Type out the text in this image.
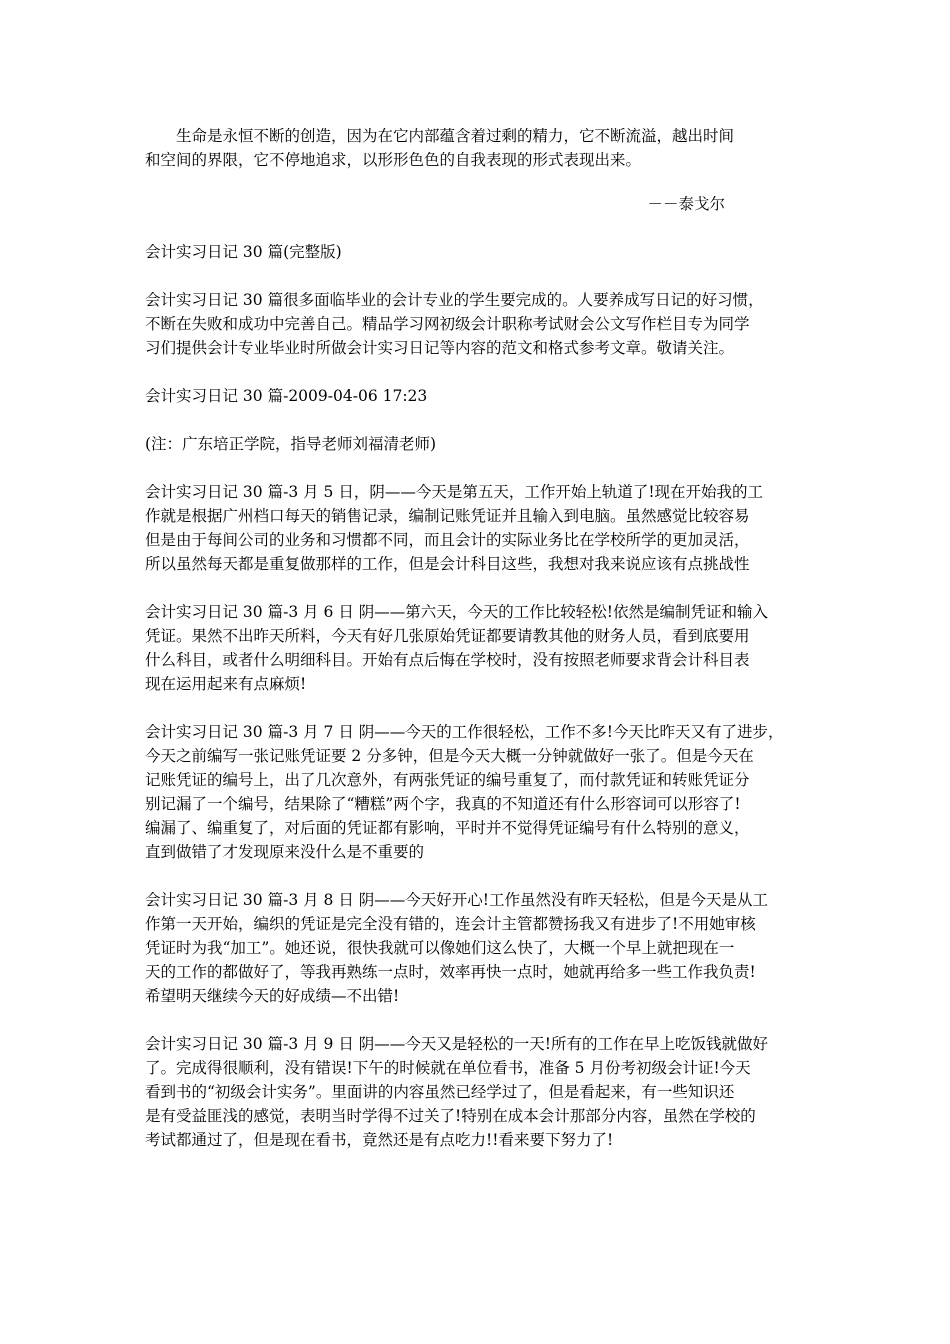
生命是永恒不断的创造，因为在它内部蕴含着过剩的精力，它不断流溢，越出时间
和空间的界限，它不停地追求，以形形色色的自我表现的形式表现出来。

－－泰戈尔

会计实习日记 30 篇(完整版)

会计实习日记 30 篇很多面临毕业的会计专业的学生要完成的。人要养成写日记的好习惯，
不断在失败和成功中完善自己。精品学习网初级会计职称考试财会公文写作栏目专为同学
习们提供会计专业毕业时所做会计实习日记等内容的范文和格式参考文章。敬请关注。

会计实习日记 30 篇-2009-04-06 17:23

(注：广东培正学院，指导老师刘福清老师)

会计实习日记 30 篇-3 月 5 日，阴——今天是第五天，工作开始上轨道了!现在开始我的工
作就是根据广州档口每天的销售记录，编制记账凭证并且输入到电脑。虽然感觉比较容易
但是由于每间公司的业务和习惯都不同，而且会计的实际业务比在学校所学的更加灵活，
所以虽然每天都是重复做那样的工作，但是会计科目这些，我想对我来说应该有点挑战性

会计实习日记 30 篇-3 月 6 日 阴——第六天，今天的工作比较轻松!依然是编制凭证和输入
凭证。果然不出昨天所料，今天有好几张原始凭证都要请教其他的财务人员，看到底要用
什么科目，或者什么明细科目。开始有点后悔在学校时，没有按照老师要求背会计科目表
现在运用起来有点麻烦!

会计实习日记 30 篇-3 月 7 日 阴——今天的工作很轻松，工作不多!今天比昨天又有了进步，
今天之前编写一张记账凭证要 2 分多钟，但是今天大概一分钟就做好一张了。但是今天在
记账凭证的编号上，出了几次意外，有两张凭证的编号重复了，而付款凭证和转账凭证分
别记漏了一个编号，结果除了“糟糕”两个字，我真的不知道还有什么形容词可以形容了!
编漏了、编重复了，对后面的凭证都有影响，平时并不觉得凭证编号有什么特别的意义，
直到做错了才发现原来没什么是不重要的

会计实习日记 30 篇-3 月 8 日 阴——今天好开心!工作虽然没有昨天轻松，但是今天是从工
作第一天开始，编织的凭证是完全没有错的，连会计主管都赞扬我又有进步了!不用她审核
凭证时为我“加工”。她还说，很快我就可以像她们这么快了，大概一个早上就把现在一
天的工作的都做好了，等我再熟练一点时，效率再快一点时，她就再给多一些工作我负责!
希望明天继续今天的好成绩—不出错!

会计实习日记 30 篇-3 月 9 日 阴——今天又是轻松的一天!所有的工作在早上吃饭钱就做好
了。完成得很顺利，没有错误!下午的时候就在单位看书，准备 5 月份考初级会计证!今天
看到书的“初级会计实务”。里面讲的内容虽然已经学过了，但是看起来，有一些知识还
是有受益匪浅的感觉，表明当时学得不过关了!特别在成本会计那部分内容，虽然在学校的
考试都通过了，但是现在看书，竟然还是有点吃力!!看来要下努力了!
